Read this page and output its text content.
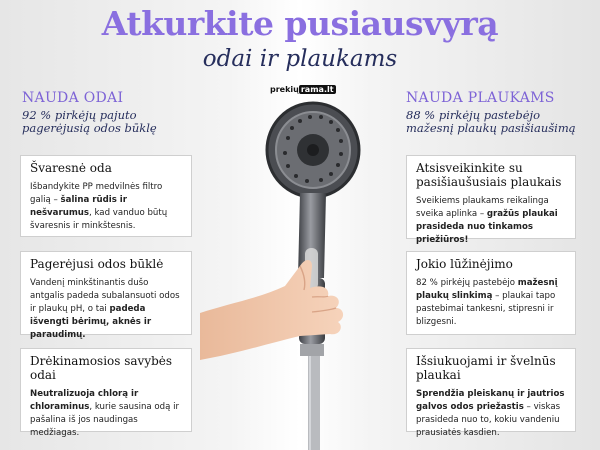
Atkurkite pusiausvyrą
odai ir plaukams
NAUDA ODAI
92 % pirkėjų pajuto pagerėjusią odos būklę
NAUDA PLAUKAMS
88 % pirkėjų pastebėjo mažesnį plaukų pasišiaušimą
prekių rama.lt
Švaresnė oda
Išbandykite PP medvilnės filtro galią – šalina rūdis ir nešvarumus, kad vanduo būtų švaresnis ir minkštesnis.
Pagerėjusi odos būklė
Vandenį minkštinantis dušo antgalis padeda subalansuoti odos ir plaukų pH, o tai padeda išvengti bėrimų, aknės ir paraudimų.
Drėkinamosios savybės odai
Neutralizuoja chlorą ir chloraminus, kurie sausina odą ir pašalina iš jos naudingas medžiagas.
Atsisveikinkite su pasišiaušusiais plaukais
Sveikiems plaukams reikalinga sveika aplinka – gražūs plaukai prasideda nuo tinkamos priežiūros!
Jokio lūžinėjimo
82 % pirkėjų pastebėjo mažesnį plaukų slinkimą – plaukai tapo pastebimai tankesni, stipresni ir blizgesni.
Išsiukuojami ir švelnūs plaukai
Sprendžia pleiskanų ir jautrios galvos odos priežastis – viskas prasideda nuo to, kokiu vandeniu prausiatės kasdien.
